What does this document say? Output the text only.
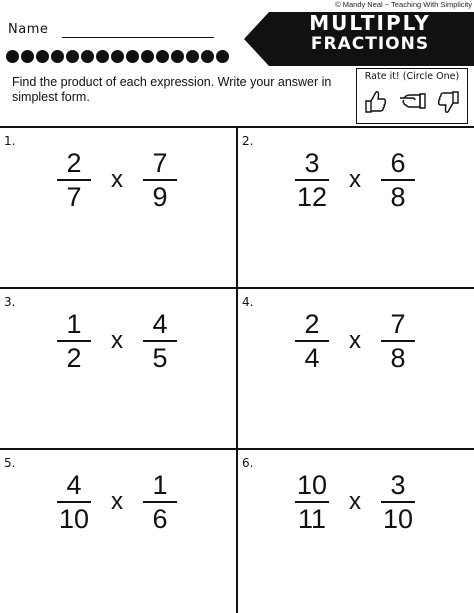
© Mandy Neal ~ Teaching With Simplicity
Name	MULTIPLY
FRACTIONS
Find the product of each expression. Write your answer in simplest form.
Rate it! (Circle One)
1.
$\frac{2}{7}$ x $\frac{7}{9}$
2.
$\frac{3}{12}$ x $\frac{6}{8}$
3.
$\frac{1}{2}$ x $\frac{4}{5}$
4.
$\frac{2}{4}$ x $\frac{7}{8}$
5.
$\frac{4}{10}$ x $\frac{1}{6}$
6.
$\frac{10}{11}$ x $\frac{3}{10}$
